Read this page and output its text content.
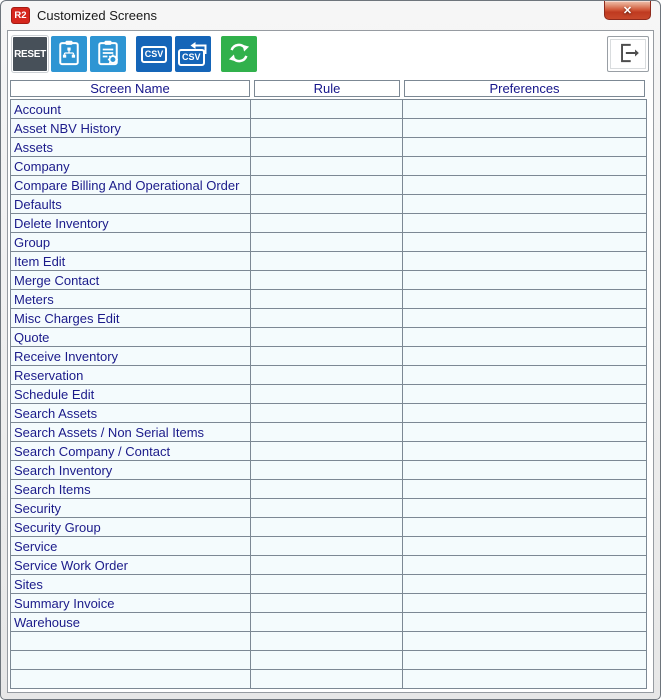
R2 Customized Screens	✕
RESET	CSV	CSV
Screen Name	Rule	Preferences
Account		
Asset NBV History		
Assets		
Company		
Compare Billing And Operational Order		
Defaults		
Delete Inventory		
Group		
Item Edit		
Merge Contact		
Meters		
Misc Charges Edit		
Quote		
Receive Inventory		
Reservation		
Schedule Edit		
Search Assets		
Search Assets / Non Serial Items		
Search Company / Contact		
Search Inventory		
Search Items		
Security		
Security Group		
Service		
Service Work Order		
Sites		
Summary Invoice		
Warehouse		
